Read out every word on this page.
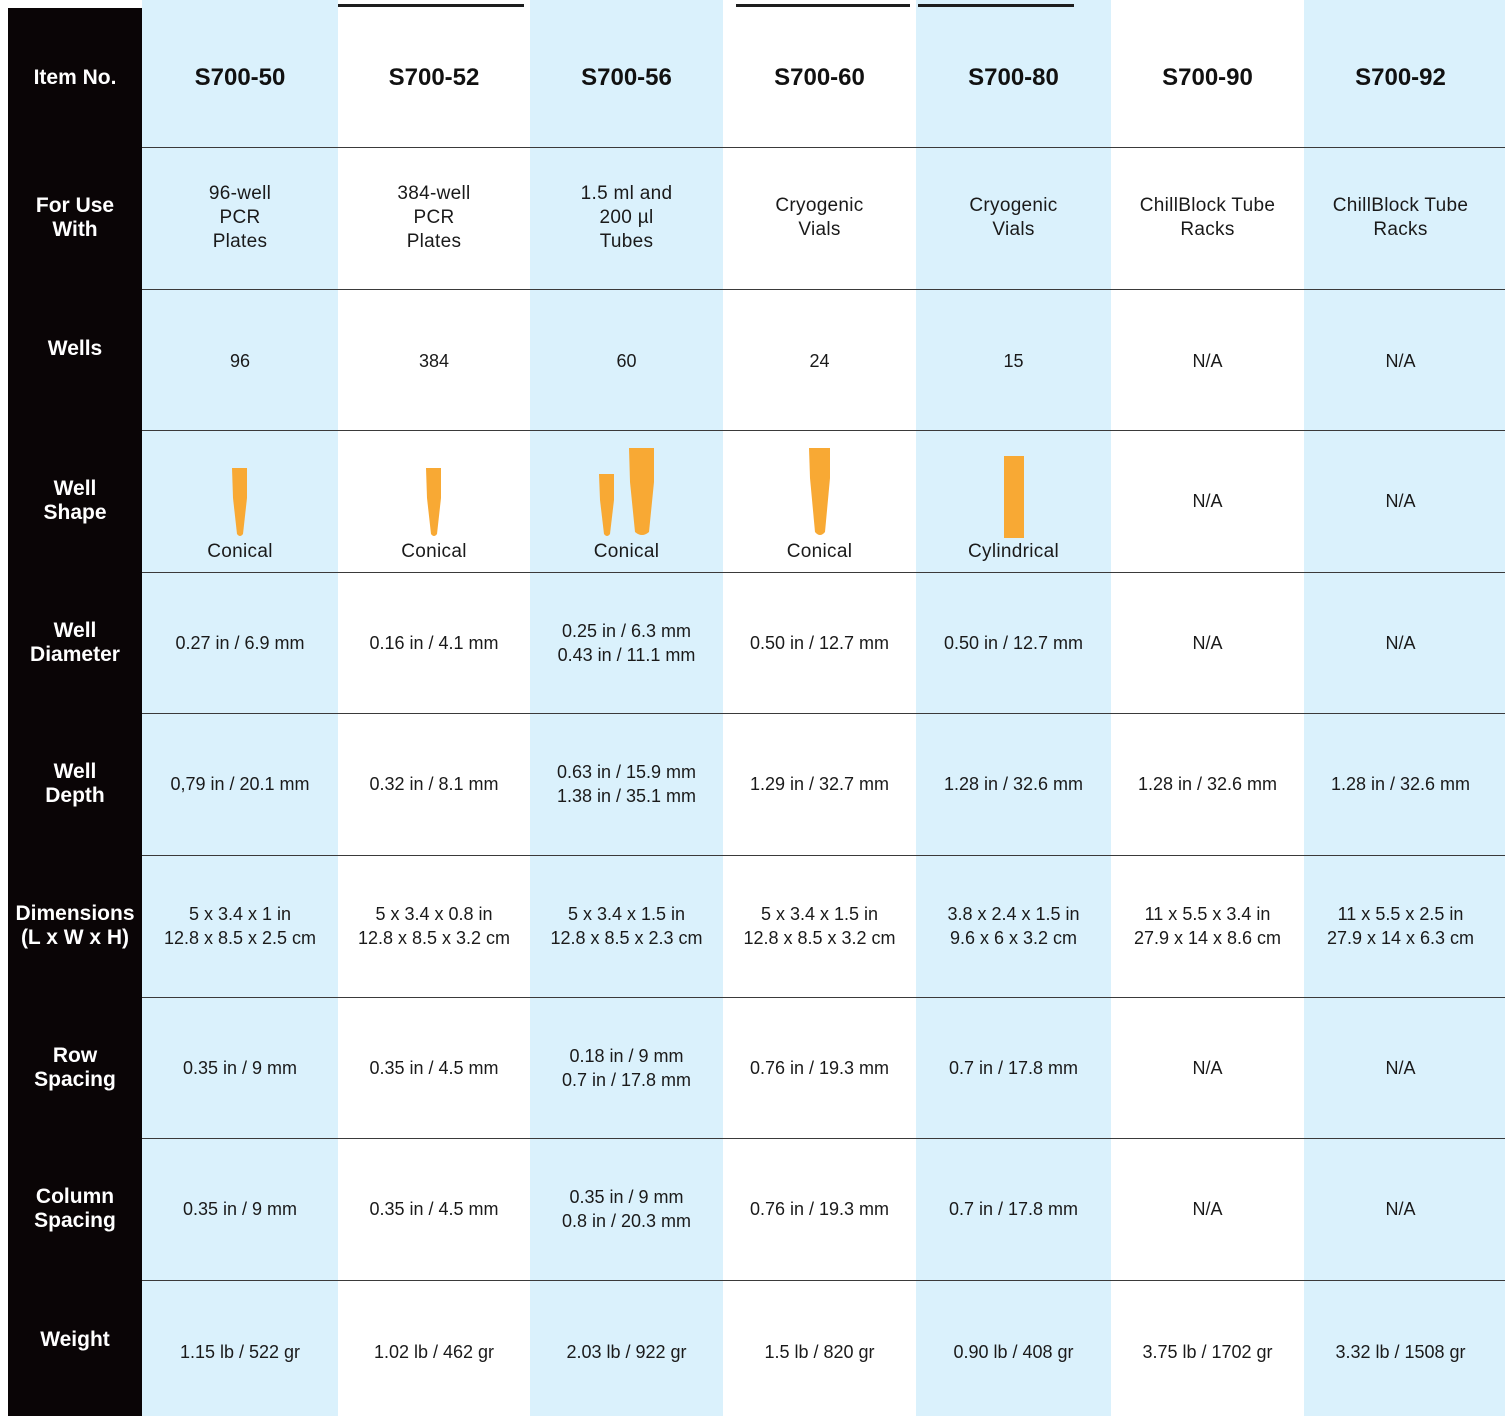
Item No.
For Use
With
Wells
Well
Shape
Well
Diameter
Well
Depth
Dimensions
(L x W x H)
Row
Spacing
Column
Spacing
Weight
S700-50
96-well
PCR
Plates
96
Conical
0.27 in / 6.9 mm
0,79 in / 20.1 mm
5 x 3.4 x 1 in
12.8 x 8.5 x 2.5 cm
0.35 in / 9 mm
0.35 in / 9 mm
1.15 lb / 522 gr
S700-52
384-well
PCR
Plates
384
Conical
0.16 in / 4.1 mm
0.32 in / 8.1 mm
5 x 3.4 x 0.8 in
12.8 x 8.5 x 3.2 cm
0.35 in / 4.5 mm
0.35 in / 4.5 mm
1.02 lb / 462 gr
S700-56
1.5 ml and
200 µl
Tubes
60
Conical
0.25 in / 6.3 mm
0.43 in / 11.1 mm
0.63 in / 15.9 mm
1.38 in / 35.1 mm
5 x 3.4 x 1.5 in
12.8 x 8.5 x 2.3 cm
0.18 in / 9 mm
0.7 in / 17.8 mm
0.35 in / 9 mm
0.8 in / 20.3 mm
2.03 lb / 922 gr
S700-60
Cryogenic
Vials
24
Conical
0.50 in / 12.7 mm
1.29 in / 32.7 mm
5 x 3.4 x 1.5 in
12.8 x 8.5 x 3.2 cm
0.76 in / 19.3 mm
0.76 in / 19.3 mm
1.5 lb / 820 gr
S700-80
Cryogenic
Vials
15
Cylindrical
0.50 in / 12.7 mm
1.28 in / 32.6 mm
3.8 x 2.4 x 1.5 in
9.6 x 6 x 3.2 cm
0.7 in / 17.8 mm
0.7 in / 17.8 mm
0.90 lb / 408 gr
S700-90
ChillBlock Tube
Racks
N/A
N/A
N/A
1.28 in / 32.6 mm
11 x 5.5 x 3.4 in
27.9 x 14 x 8.6 cm
N/A
N/A
3.75 lb / 1702 gr
S700-92
ChillBlock Tube
Racks
N/A
N/A
N/A
1.28 in / 32.6 mm
11 x 5.5 x 2.5 in
27.9 x 14 x 6.3 cm
N/A
N/A
3.32 lb / 1508 gr
